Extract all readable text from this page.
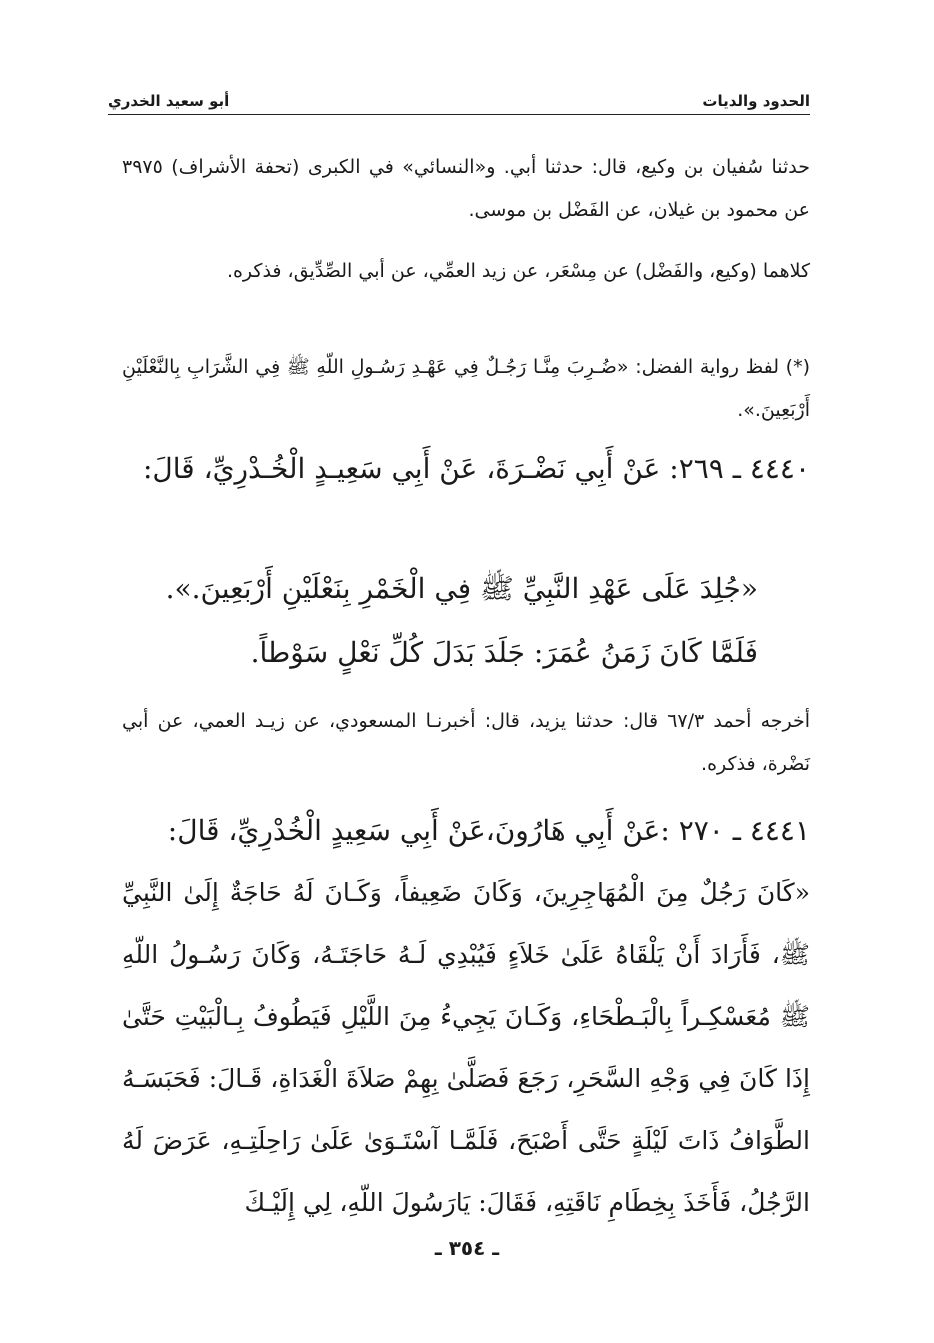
الحدود والديات
أبو سعيد الخدري

حدثنا سُفيان بن وكيع، قال: حدثنا أبي. و«النسائي» في الكبرى (تحفة الأشراف) ٣٩٧٥ عن محمود بن غيلان، عن الفَضْل بن موسى.

كلاهما (وكيع، والفَضْل) عن مِسْعَر، عن زيد العمِّي، عن أبي الصِّدِّيق، فذكره.

(*) لفظ رواية الفضل: «ضُـرِبَ مِنَّـا رَجُـلٌ فِي عَهْـدِ رَسُـولِ اللّهِ ﷺ فِي الشَّرَابِ بِالنَّعْلَيْنِ أَرْبَعِينَ.».

٤٤٤٠ ـ ٢٦٩: عَنْ أَبِي نَضْـرَةَ، عَنْ أَبِي سَعِيـدٍ الْخُـدْرِيِّ، قَالَ:

«جُلِدَ عَلَى عَهْدِ النَّبِيِّ ﷺ فِي الْخَمْرِ بِنَعْلَيْنِ أَرْبَعِينَ.».

فَلَمَّا كَانَ زَمَنُ عُمَرَ: جَلَدَ بَدَلَ كُلِّ نَعْلٍ سَوْطاً.

أخرجه أحمد ٦٧/٣ قال: حدثنا يزيد، قال: أخبرنـا المسعودي، عن زيـد العمي، عن أبي نَضْرة، فذكره.

٤٤٤١ ـ ٢٧٠ :عَنْ أَبِي هَارُونَ،عَنْ أَبِي سَعِيدٍ الْخُدْرِيِّ، قَالَ:

«كَانَ رَجُلٌ مِنَ الْمُهَاجِرِينَ، وَكَانَ ضَعِيفاً، وَكَـانَ لَهُ حَاجَةٌ إِلَىٰ النَّبِيِّ ﷺ، فَأَرَادَ أَنْ يَلْقَاهُ عَلَىٰ خَلاَءٍ فَيُبْدِي لَـهُ حَاجَتَـهُ، وَكَانَ رَسُـولُ اللّهِ ﷺ مُعَسْكِـراً بِالْبَـطْحَاءِ، وَكَـانَ يَجِيءُ مِنَ اللَّيْلِ فَيَطُوفُ بِـالْبَيْتِ حَتَّىٰ إِذَا كَانَ فِي وَجْهِ السَّحَرِ، رَجَعَ فَصَلَّىٰ بِهِمْ صَلاَةَ الْغَدَاةِ، قَـالَ: فَحَبَسَـهُ الطَّوَافُ ذَاتَ لَيْلَةٍ حَتَّى أَصْبَحَ، فَلَمَّـا آسْتَـوَىٰ عَلَىٰ رَاحِلَتِـهِ، عَرَضَ لَهُ الرَّجُلُ، فَأَخَذَ بِخِطَامِ نَاقَتِهِ، فَقَالَ: يَارَسُولَ اللّهِ، لِي إِلَيْـكَ

ـ ٣٥٤ ـ
